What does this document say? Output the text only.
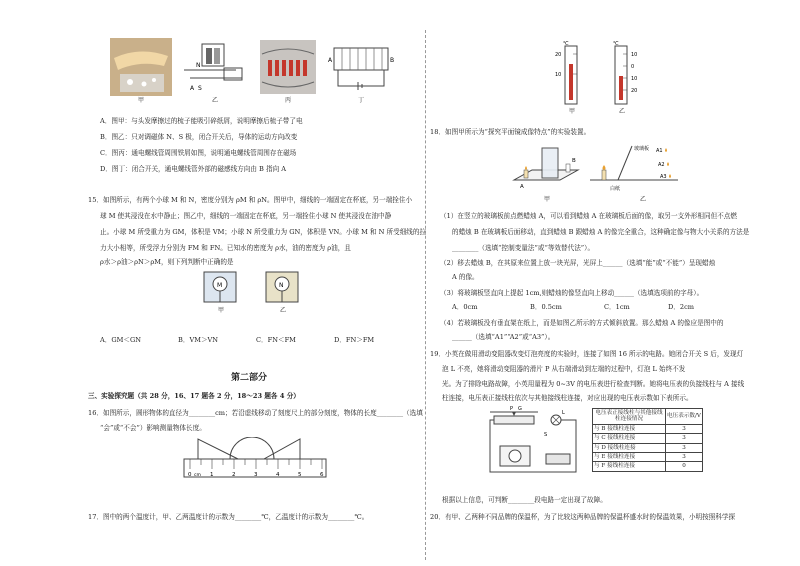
N
A S
A	B
甲	乙	丙	丁
A．图甲：与头发摩擦过的梳子能吸引碎纸屑，说明摩擦后梳子带了电
B．图乙：只对调磁体 N、S 极，闭合开关后，导体的运动方向改变
C．图丙：通电螺线管周围铁屑如图，说明通电螺线管周围存在磁场
D．图丁：闭合开关，通电螺线管外部的磁感线方向由 B 指向 A
15．如图所示，有两个小球 M 和 N，密度分别为 ρM 和 ρN。图甲中，细线的一端固定在杯底，另一端拴住小
球 M 使其浸没在水中静止；图乙中，细线的一端固定在杯底，另一端拴住小球 N 使其浸没在油中静
止。小球 M 所受重力为 GM，体积是 VM；小球 N 所受重力为 GN，体积是 VN。小球 M 和 N 所受细线的拉
力大小相等，所受浮力分别为 FM 和 FN。已知水的密度为 ρ水，油的密度为 ρ油，且
ρ水＞ρ油＞ρN＞ρM，则下列判断中正确的是
M	N
甲	乙
A．GM＜GN	B．VM＞VN	C．FN＜FM	D．FN＞FM
第二部分
三、实验探究题（共 28 分，16、17 题各 2 分，18～23 题各 4 分）
16．如图所示，圆形物体的直径为________cm；若沿虚线移动了刻度尺上的部分刻度，物体的长度________（选填
“会”或“不会”）影响测量物体长度。
0 cm 1	2	3	4	5	6
17．图中的两个温度计，甲、乙两温度计的示数为________℃，乙温度计的示数为________℃。
℃	℃
20
10
10
0
10
20
甲	乙
18．如图甲所示为“探究平面镜成像特点”的实验装置。
A
B
玻璃板
白纸
A1
A2
A3
甲	乙
（1）在竖立的玻璃板前点燃蜡烛 A，可以看到蜡烛 A 在玻璃板后面的像，取另一支外形相同但不点燃
的蜡烛 B 在玻璃板后面移动，直到蜡烛 B 跟蜡烛 A 的像完全重合，这种确定像与物大小关系的方法是
________（选填“控制变量法”或“等效替代法”）。
（2）移去蜡烛 B，在其原来位置上放一块光屏，光屏上______（选填“能”或“不能”）呈现蜡烛
A 的像。
（3）将玻璃板竖直向上提起 1cm,则蜡烛的像竖直向上移动______（选填选项前的字母）。
A．0cm	B．0.5cm	C．1cm	D．2cm
（4）若玻璃板没有垂直架在纸上，而是如图乙所示的方式倾斜放置。那么蜡烛 A 的像应是图中的
______（选填“A1”“A2”或“A3”）。
19．小英在做用滑动变阻器改变灯泡亮度的实验时，连接了如图 16 所示的电路。她闭合开关 S 后，发现灯
泡 L 不亮，她将滑动变阻器的滑片 P 从右端滑动到左端的过程中，灯泡 L 始终不发
光。为了排除电路故障，小英用量程为 0~3V 的电压表进行检查判断。她将电压表的负接线柱与 A 接线
柱连接，电压表正接线柱依次与其他接线柱连接，对应出现的电压表示数如下表所示。
P G
S
L	电压表正接线柱与其他接线柱连接情况	电压表示数/V
与 B 接线柱连接	3
与 C 接线柱连接	3
与 D 接线柱连接	3
与 E 接线柱连接	3
与 F 接线柱连接	0
根据以上信息，可判断________段电路一定出现了故障。
20．有甲、乙两种不同品牌的保温杯，为了比较这两种品牌的保温杯盛水时的保温效果，小明按照科学探
